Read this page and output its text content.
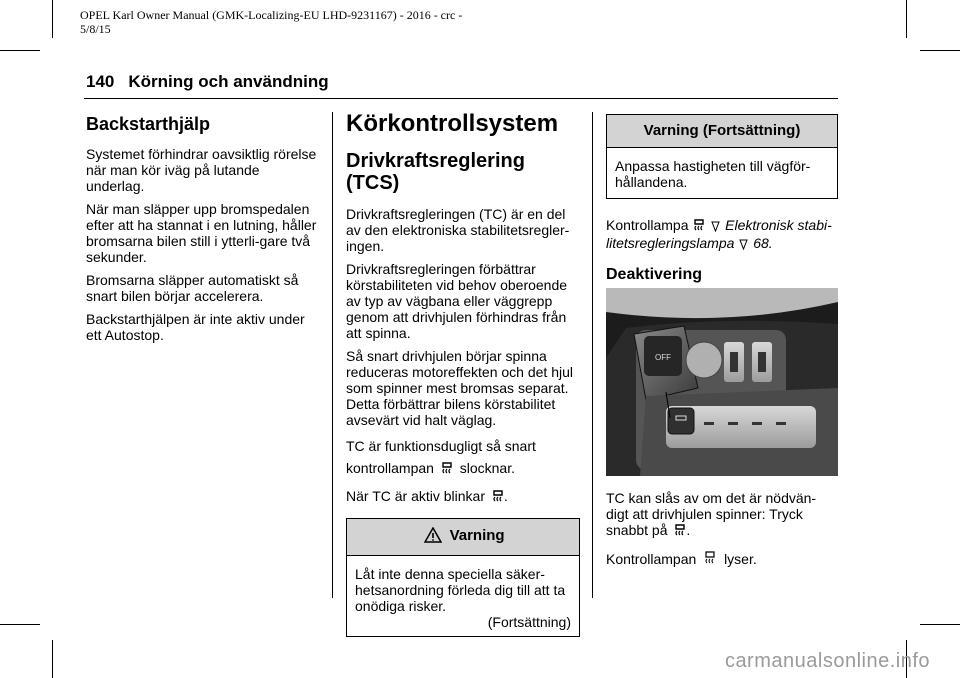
OPEL Karl Owner Manual (GMK-Localizing-EU LHD-9231167) - 2016 - crc -
5/8/15
140 Körning och användning
Backstarthjälp

Systemet förhindrar oavsiktlig rörelse när man kör iväg på lutande underlag.

När man släpper upp bromspedalen efter att ha stannat i en lutning, håller bromsarna bilen still i ytterli-gare två sekunder.

Bromsarna släpper automatiskt så snart bilen börjar accelerera.

Backstarthjälpen är inte aktiv under ett Autostop.

Körkontrollsystem
Drivkraftsreglering (TCS)

Drivkraftsregleringen (TC) är en del av den elektroniska stabilitetsregler-ingen.

Drivkraftsregleringen förbättrar körstabiliteten vid behov oberoende av typ av vägbana eller väggrepp genom att drivhjulen förhindras från att spinna.

Så snart drivhjulen börjar spinna reduceras motoreffekten och det hjul som spinner mest bromsas separat. Detta förbättrar bilens körstabilitet avsevärt vid halt väglag.

TC är funktionsdugligt så snart kontrollampan slocknar.

När TC är aktiv blinkar .

Varning
Låt inte denna speciella säker-hetsanordning förleda dig till att ta onödiga risker.
(Fortsättning)
Varning (Fortsättning)
Anpassa hastigheten till vägför-hållandena.

Kontrollampa	Elektronisk stabi-litetsregleringslampa 68.

Deaktivering
OFF

TC kan slås av om det är nödvän-digt att drivhjulen spinner: Tryck snabbt på .

Kontrollampan lyser.

carmanualsonline.info
